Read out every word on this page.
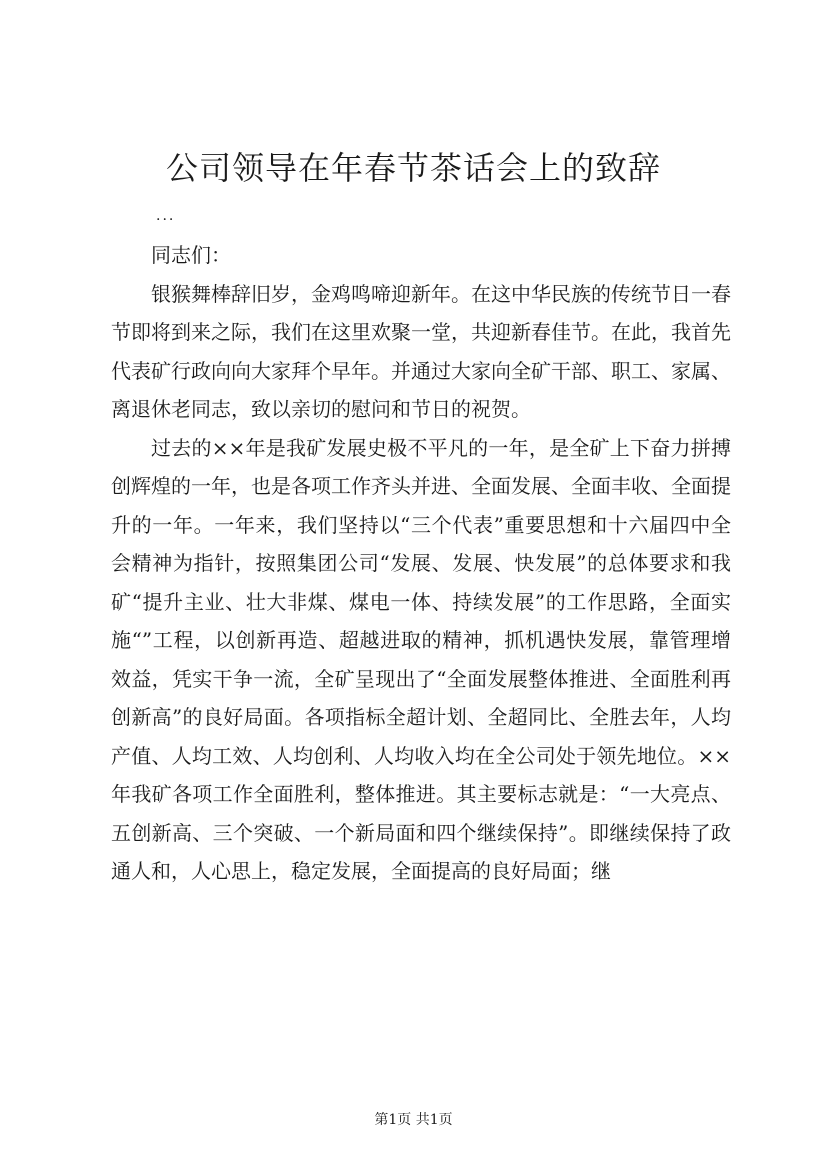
公司领导在年春节茶话会上的致辞
...

同志们：

银猴舞棒辞旧岁，金鸡鸣啼迎新年。在这中华民族的传统节日一春节即将到来之际，我们在这里欢聚一堂，共迎新春佳节。在此，我首先代表矿行政向向大家拜个早年。并通过大家向全矿干部、职工、家属、离退休老同志，致以亲切的慰问和节日的祝贺。

过去的××年是我矿发展史极不平凡的一年，是全矿上下奋力拼搏创辉煌的一年，也是各项工作齐头并进、全面发展、全面丰收、全面提升的一年。一年来，我们坚持以“三个代表”重要思想和十六届四中全会精神为指针，按照集团公司“发展、发展、快发展”的总体要求和我矿“提升主业、壮大非煤、煤电一体、持续发展”的工作思路，全面实施“”工程，以创新再造、超越进取的精神，抓机遇快发展，靠管理增效益，凭实干争一流，全矿呈现出了“全面发展整体推进、全面胜利再创新高”的良好局面。各项指标全超计划、全超同比、全胜去年，人均产值、人均工效、人均创利、人均收入均在全公司处于领先地位。××年我矿各项工作全面胜利，整体推进。其主要标志就是：“一大亮点、五创新高、三个突破、一个新局面和四个继续保持”。即继续保持了政通人和，人心思上，稳定发展，全面提高的良好局面；继

第1页 共1页
